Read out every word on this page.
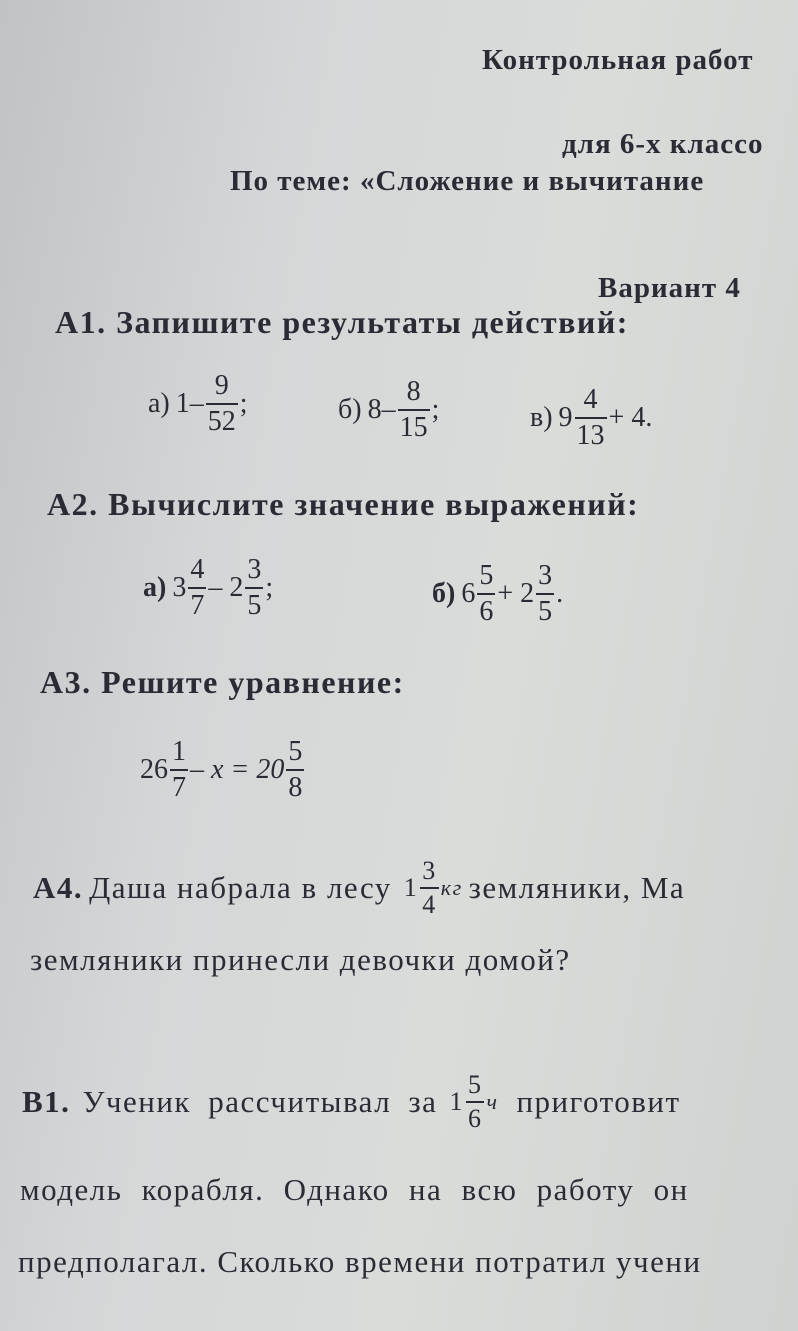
Контрольная работ
для 6-х классо
По теме: «Сложение и вычитание
Вариант 4
А1. Запишите результаты действий:
а) $1 - \frac{9}{52}$ ;	б) $8 - \frac{8}{15}$ ;	в) $9 \frac{4}{13} + 4$.
А2. Вычислите значение выражений:
а) $3 \frac{4}{7} - 2 \frac{3}{5}$ ;	б) $6 \frac{5}{6} + 2 \frac{3}{5}$ .
А3. Решите уравнение:
$26 \frac{1}{7} - x = 20 \frac{5}{8}$
А4. Даша набрала в лесу $1 \frac{3}{4}$ кг земляники, Ма
земляники принесли девочки домой?
В1. Ученик рассчитывал за $1 \frac{5}{6}$ ч приготовит
модель корабля. Однако на всю работу он
предполагал. Сколько времени потратил учени
